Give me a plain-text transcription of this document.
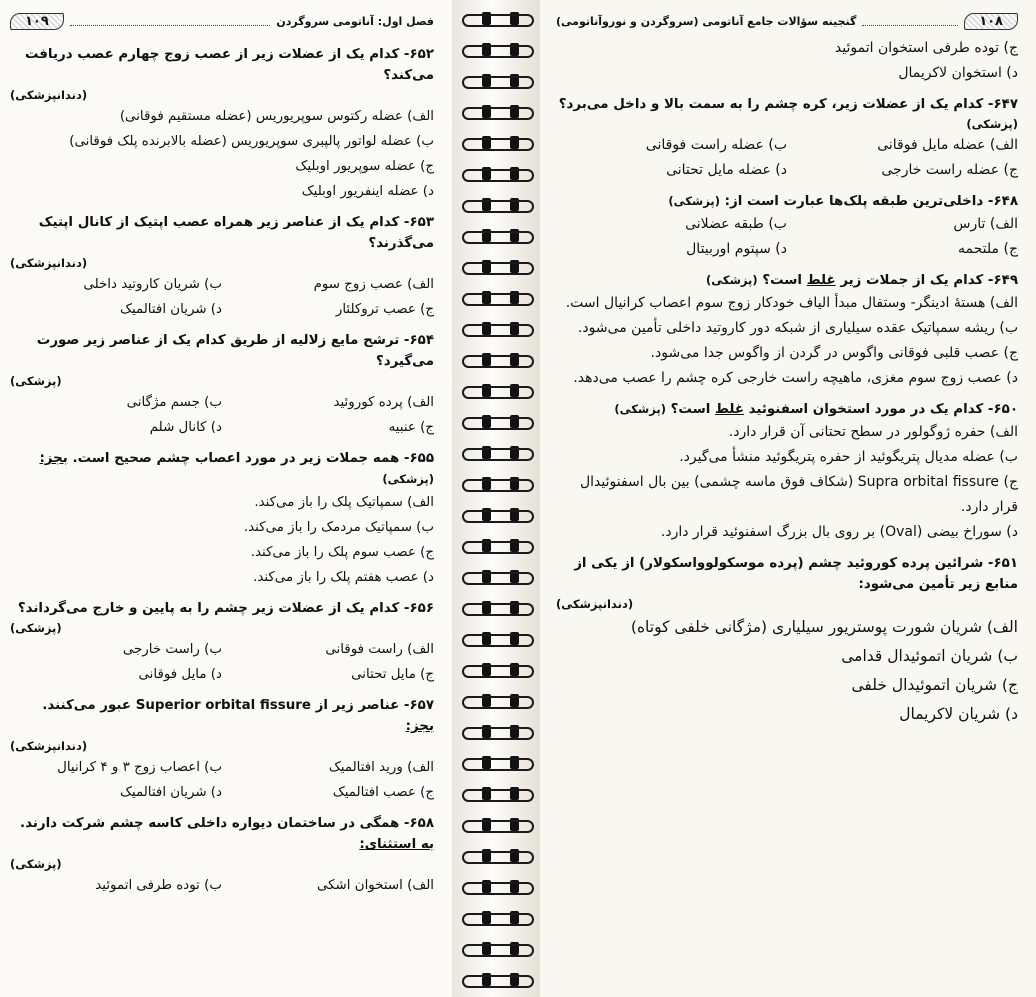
فصل اول: آناتومی سروگردن
۱۰۹
۶۵۲- کدام یک از عضلات زیر از عصب زوج چهارم عصب دریافت می‌کند؟
(دندانپزشکی)
الف) عضله رکتوس سوپریوریس (عضله مستقیم فوقانی)
ب) عضله لواتور پالپبری سوپریوریس (عضله بالابرنده پلک فوقانی)
ج) عضله سوپریور اوبلیک
د) عضله اینفریور اوبلیک
۶۵۳- کدام یک از عناصر زیر همراه عصب اپتیک از کانال اپتیک می‌گذرند؟
(دندانپزشکی)
الف) عصب زوج سوم
ب) شریان کاروتید داخلی
ج) عصب تروکلئار
د) شریان افتالمیک
۶۵۴- ترشح مایع زلالیه از طریق کدام یک از عناصر زیر صورت می‌گیرد؟
(پزشکی)
الف) پرده کوروئید
ب) جسم مژگانی
ج) عنبیه
د) کانال شلم
۶۵۵- همه جملات زیر در مورد اعصاب چشم صحیح است. بجز: (پزشکی)
الف) سمپاتیک پلک را باز می‌کند.
ب) سمپاتیک مردمک را باز می‌کند.
ج) عصب سوم پلک را باز می‌کند.
د) عصب هفتم پلک را باز می‌کند.
۶۵۶- کدام یک از عضلات زیر چشم را به پایین و خارج می‌گرداند؟
(پزشکی)
الف) راست فوقانی
ب) راست خارجی
ج) مایل تحتانی
د) مایل فوقانی
۶۵۷- عناصر زیر از Superior orbital fissure عبور می‌کنند. بجز:
(دندانپزشکی)
الف) ورید افتالمیک
ب) اعصاب زوج ۳ و ۴ کرانیال
ج) عصب افتالمیک
د) شریان افتالمیک
۶۵۸- همگی در ساختمان دیواره داخلی کاسه چشم شرکت دارند. به استثنای:
(پزشکی)
الف) استخوان اشکی
ب) توده طرفی اتموئید
۱۰۸
گنجینه سؤالات جامع آناتومی (سروگردن و نوروآناتومی)
ج) توده طرفی استخوان اتموئید
د) استخوان لاکریمال
۶۴۷- کدام یک از عضلات زیر، کره چشم را به سمت بالا و داخل می‌برد؟
(پزشکی)
الف) عضله مایل فوقانی
ب) عضله راست فوقانی
ج) عضله راست خارجی
د) عضله مایل تحتانی
۶۴۸- داخلی‌ترین طبقه پلک‌ها عبارت است از: (پزشکی)
الف) تارس
ب) طبقه عضلانی
ج) ملتحمه
د) سپتوم اوربیتال
۶۴۹- کدام یک از جملات زیر غلط است؟ (پزشکی)
الف) هستهٔ ادینگر- وستفال مبدأ الیاف خودکار زوج سوم اعصاب کرانیال است.
ب) ریشه سمپاتیک عقده سیلیاری از شبکه دور کاروتید داخلی تأمین می‌شود.
ج) عصب قلبی فوقانی واگوس در گردن از واگوس جدا می‌شود.
د) عصب زوج سوم مغزی، ماهیچه راست خارجی کره چشم را عصب می‌دهد.
۶۵۰- کدام یک در مورد استخوان اسفنوئید غلط است؟ (پزشکی)
الف) حفره ژوگولور در سطح تحتانی آن قرار دارد.
ب) عضله مدیال پتریگوئید از حفره پتریگوئید منشأ می‌گیرد.
ج) Supra orbital fissure (شکاف فوق ماسه چشمی) بین بال اسفنوئیدال قرار دارد.
د) سوراخ بیضی (Oval) بر روی بال بزرگ اسفنوئید قرار دارد.
۶۵۱- شرائین پرده کوروئید چشم (پرده موسکولوواسکولار) از یکی از منابع زیر تأمین می‌شود:
(دندانپزشکی)
الف) شریان شورت پوستریور سیلیاری (مژگانی خلفی کوتاه)
ب) شریان اتموئیدال قدامی
ج) شریان اتموئیدال خلفی
د) شریان لاکریمال
